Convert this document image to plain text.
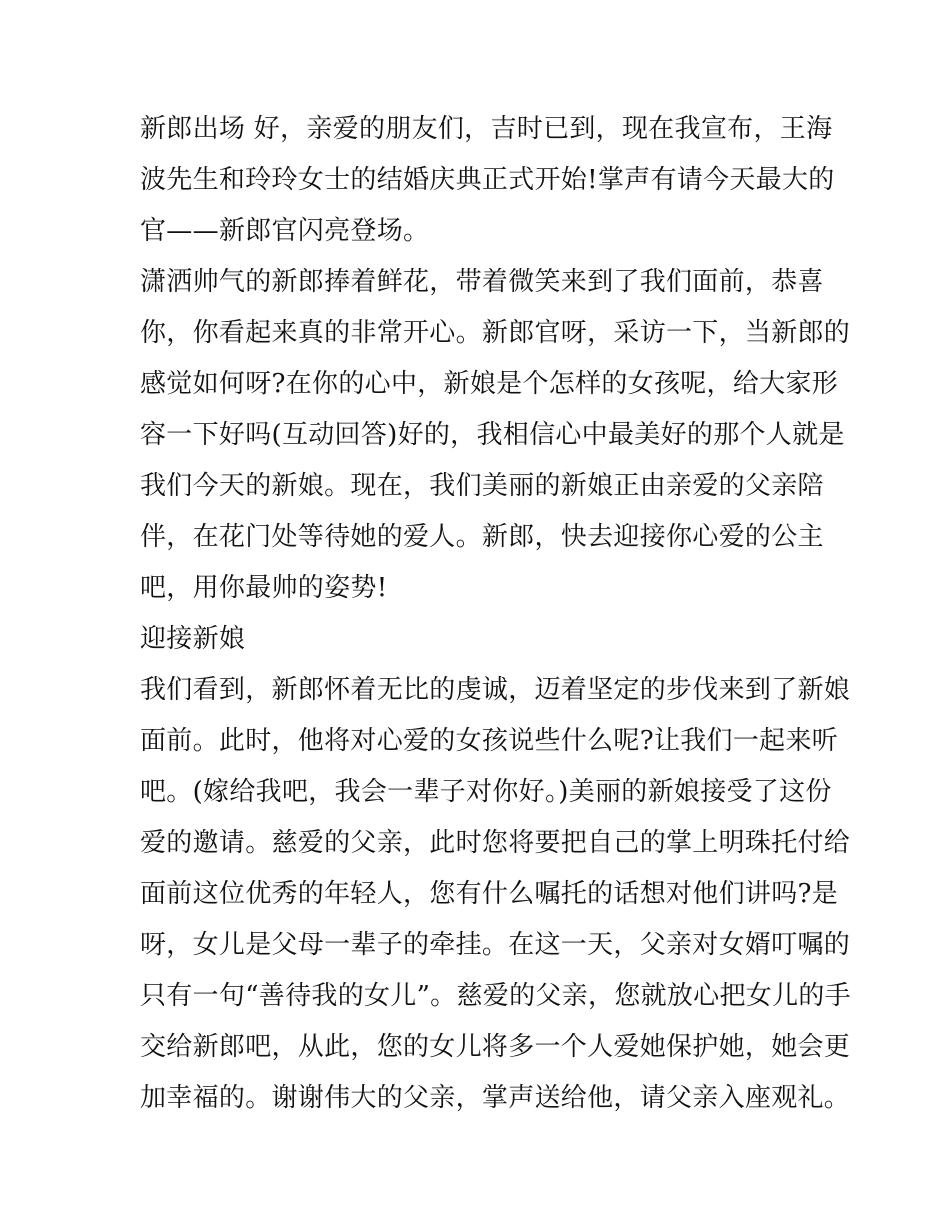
新郎出场 好，亲爱的朋友们，吉时已到，现在我宣布，王海
波先生和玲玲女士的结婚庆典正式开始!掌声有请今天最大的
官——新郎官闪亮登场。
潇洒帅气的新郎捧着鲜花，带着微笑来到了我们面前，恭喜
你，你看起来真的非常开心。新郎官呀，采访一下，当新郎的
感觉如何呀?在你的心中，新娘是个怎样的女孩呢，给大家形
容一下好吗(互动回答)好的，我相信心中最美好的那个人就是
我们今天的新娘。现在，我们美丽的新娘正由亲爱的父亲陪
伴，在花门处等待她的爱人。新郎，快去迎接你心爱的公主
吧，用你最帅的姿势!
迎接新娘
我们看到，新郎怀着无比的虔诚，迈着坚定的步伐来到了新娘
面前。此时，他将对心爱的女孩说些什么呢?让我们一起来听
吧。(嫁给我吧，我会一辈子对你好。)美丽的新娘接受了这份
爱的邀请。慈爱的父亲，此时您将要把自己的掌上明珠托付给
面前这位优秀的年轻人，您有什么嘱托的话想对他们讲吗?是
呀，女儿是父母一辈子的牵挂。在这一天，父亲对女婿叮嘱的
只有一句“善待我的女儿”。慈爱的父亲，您就放心把女儿的手
交给新郎吧，从此，您的女儿将多一个人爱她保护她，她会更
加幸福的。谢谢伟大的父亲，掌声送给他，请父亲入座观礼。
